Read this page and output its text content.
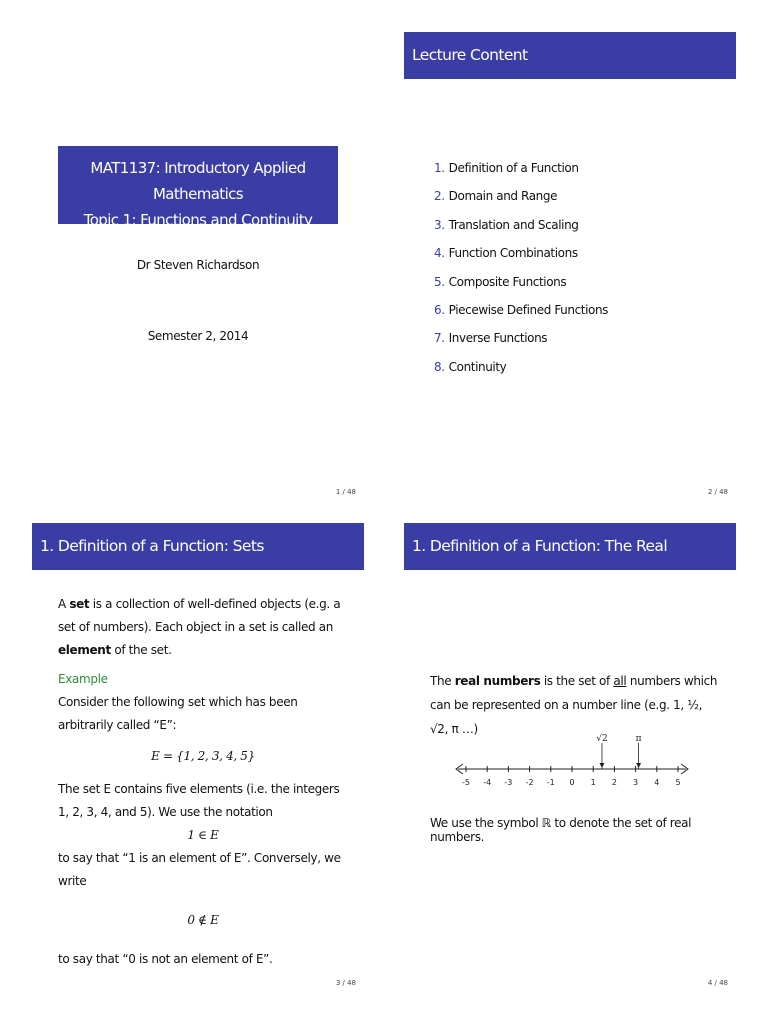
MAT1137: Introductory Applied Mathematics
Topic 1: Functions and Continuity
Dr Steven Richardson
Semester 2, 2014
1 / 48
Lecture Content
1. Definition of a Function
2. Domain and Range
3. Translation and Scaling
4. Function Combinations
5. Composite Functions
6. Piecewise Defined Functions
7. Inverse Functions
8. Continuity
2 / 48
1. Definition of a Function: Sets

A set is a collection of well-defined objects (e.g. a set of numbers). Each object in a set is called an element of the set.

Example

Consider the following set which has been arbitrarily called “E”:

E = {1, 2, 3, 4, 5}

The set E contains five elements (i.e. the integers 1, 2, 3, 4, and 5). We use the notation

1 ∈ E

to say that “1 is an element of E”. Conversely, we write

0 ∉ E

to say that “0 is not an element of E”.

3 / 48
1. Definition of a Function: The Real Numbers

The real numbers is the set of all numbers which can be represented on a number line (e.g. 1, ½, √2, π …)

-5 -4 -3 -2 -1 0 1 2 3 4 5
√2	π
We use the symbol ℝ to denote the set of real numbers.
4 / 48
